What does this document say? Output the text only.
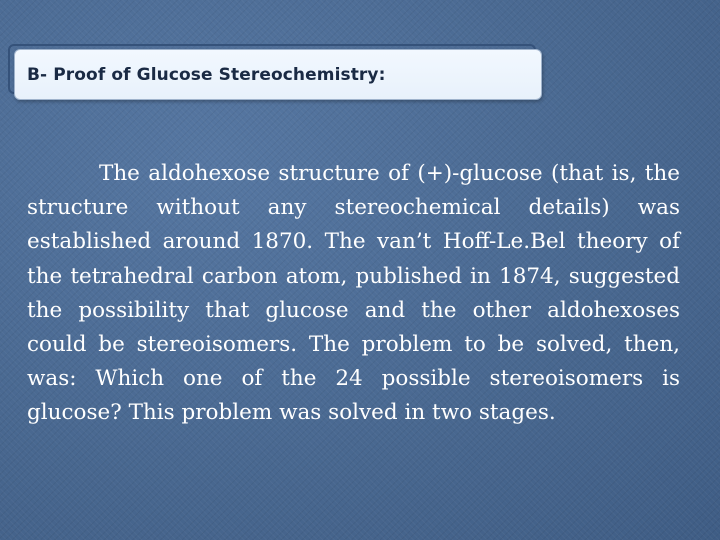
B- Proof of Glucose Stereochemistry:

The aldohexose structure of (+)-glucose (that is, the structure without any stereochemical details) was established around 1870. The van’t Hoff-Le.Bel theory of the tetrahedral carbon atom, published in 1874, suggested the possibility that glucose and the other aldohexoses could be stereoisomers. The problem to be solved, then, was: Which one of the 24 possible stereoisomers is glucose? This problem was solved in two stages.
